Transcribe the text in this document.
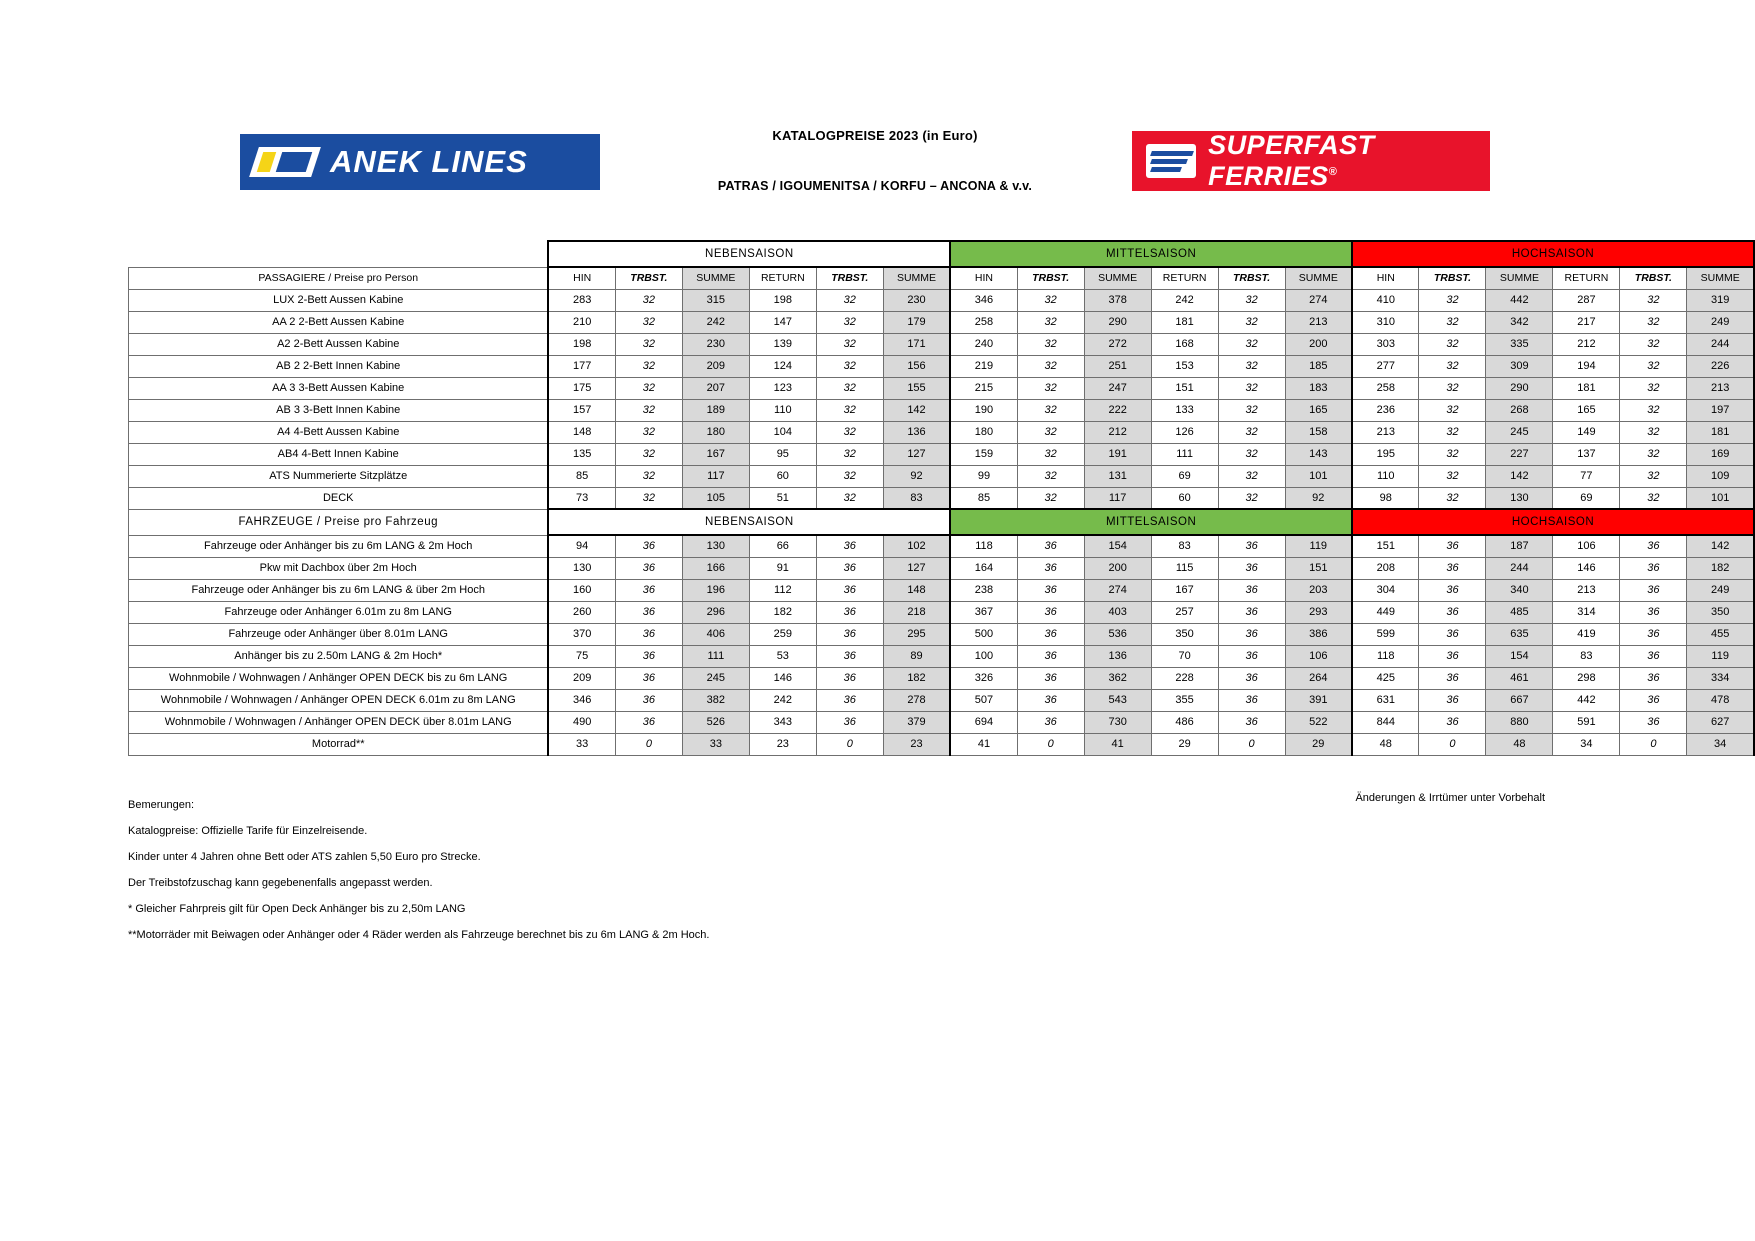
ANEK LINES
KATALOGPREISE 2023 (in Euro)
PATRAS / IGOUMENITSA / KORFU – ANCONA & v.v.
SUPERFAST FERRIES®
	NEBENSAISON						MITTELSAISON						HOCHSAISON					
PASSAGIERE / Preise pro Person	HIN	TRBST.	SUMME	RETURN	TRBST.	SUMME	HIN	TRBST.	SUMME	RETURN	TRBST.	SUMME	HIN	TRBST.	SUMME	RETURN	TRBST.	SUMME
LUX 2-Bett Aussen Kabine	283	32	315	198	32	230	346	32	378	242	32	274	410	32	442	287	32	319
AA 2 2-Bett Aussen Kabine	210	32	242	147	32	179	258	32	290	181	32	213	310	32	342	217	32	249
A2 2-Bett Aussen Kabine	198	32	230	139	32	171	240	32	272	168	32	200	303	32	335	212	32	244
AB 2 2-Bett Innen Kabine	177	32	209	124	32	156	219	32	251	153	32	185	277	32	309	194	32	226
AA 3 3-Bett Aussen Kabine	175	32	207	123	32	155	215	32	247	151	32	183	258	32	290	181	32	213
AB 3 3-Bett Innen Kabine	157	32	189	110	32	142	190	32	222	133	32	165	236	32	268	165	32	197
A4 4-Bett Aussen Kabine	148	32	180	104	32	136	180	32	212	126	32	158	213	32	245	149	32	181
AB4 4-Bett Innen Kabine	135	32	167	95	32	127	159	32	191	111	32	143	195	32	227	137	32	169
ATS Nummerierte Sitzplätze	85	32	117	60	32	92	99	32	131	69	32	101	110	32	142	77	32	109
DECK	73	32	105	51	32	83	85	32	117	60	32	92	98	32	130	69	32	101
FAHRZEUGE / Preise pro Fahrzeug	NEBENSAISON						MITTELSAISON						HOCHSAISON					
Fahrzeuge oder Anhänger bis zu 6m LANG & 2m Hoch	94	36	130	66	36	102	118	36	154	83	36	119	151	36	187	106	36	142
Pkw mit Dachbox über 2m Hoch	130	36	166	91	36	127	164	36	200	115	36	151	208	36	244	146	36	182
Fahrzeuge oder Anhänger bis zu 6m LANG & über 2m Hoch	160	36	196	112	36	148	238	36	274	167	36	203	304	36	340	213	36	249
Fahrzeuge oder Anhänger 6.01m zu 8m LANG	260	36	296	182	36	218	367	36	403	257	36	293	449	36	485	314	36	350
Fahrzeuge oder Anhänger über 8.01m LANG	370	36	406	259	36	295	500	36	536	350	36	386	599	36	635	419	36	455
Anhänger bis zu 2.50m LANG & 2m Hoch*	75	36	111	53	36	89	100	36	136	70	36	106	118	36	154	83	36	119
Wohnmobile / Wohnwagen / Anhänger OPEN DECK bis zu 6m LANG	209	36	245	146	36	182	326	36	362	228	36	264	425	36	461	298	36	334
Wohnmobile / Wohnwagen / Anhänger OPEN DECK 6.01m zu 8m LANG	346	36	382	242	36	278	507	36	543	355	36	391	631	36	667	442	36	478
Wohnmobile / Wohnwagen / Anhänger OPEN DECK über 8.01m LANG	490	36	526	343	36	379	694	36	730	486	36	522	844	36	880	591	36	627
Motorrad**	33	0	33	23	0	23	41	0	41	29	0	29	48	0	48	34	0	34
Bemerungen:
Katalogpreise: Offizielle Tarife für Einzelreisende.
Kinder unter 4 Jahren ohne Bett oder ATS zahlen 5,50 Euro pro Strecke.
Der Treibstofzuschag kann gegebenenfalls angepasst werden.
* Gleicher Fahrpreis gilt für Open Deck Anhänger bis zu 2,50m LANG
**Motorräder mit Beiwagen oder Anhänger oder 4 Räder werden als Fahrzeuge berechnet bis zu 6m LANG & 2m Hoch.
Änderungen & Irrtümer unter Vorbehalt
